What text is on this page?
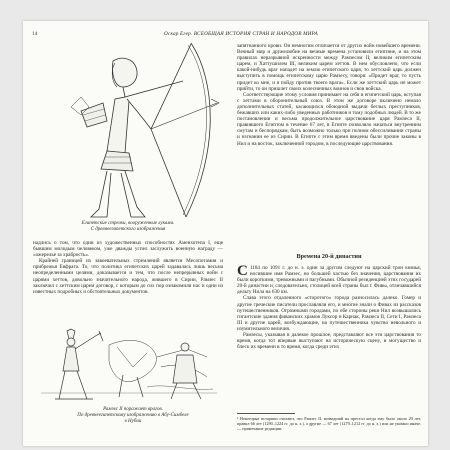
14	Оскар Егер. ВСЕОБЩАЯ ИСТОРИЯ СТРАН И НАРОДОВ МИРА
Египетские стрелки, вооруженные луками.
С древнеегипетского изображения

надлись о том, что один из художественных способностях Аменхотепа I, еще бывшим молодым человеком, уже дважды успел заслужить военную награду — «ожерелье за храбрость».

Крайней границей их завоевательных стремлений является Месопотамия и прибрежья Евфрата. То, что политика египетских царей задавалась лишь весьма неопределенными целями, доказывается и тем, что после непрерывных войн с царями хеттов, довольно значительного народа, жившего в Сирии, Рамзес II заключил с хеттским царем договор, с которым до сих пор ознакомили нас и одни из известных подробных и обстоятельных документов.

Рамзес II поражает врагов.
По древнеегипетскому изображению в Абу-Симбеле
в Нубии

запятнанного крови. Он немногим отличается от других войн новейшего времени. Вечный мир и дружелюбие на вечные времена установили египтяне, и на этом правилах неразрывной искренности между Рамзесом II, великим египетским царем, и Хаттушилем III, великим царем хеттов. В нем обусловлено, что если какой-нибудь враг нападет на землю египетского царя, то хеттский царь должен выступить в помощь египетскому царю Рамзесу, говоря: «Придет враг, то пусть придет ко мне, и я пойду против твоего врага». Если же хеттский царь не может прийти, то он пришлет своих колесничных воинов и свои войска.

Соответствующие этому условия принимает на себя и египетский царь, вступая с хеттами в оборонительный союз. В этом же договоре включено немало дополнительных статей, касающихся обоюдной выдачи беглых преступников, бежавших или каких-либо уведенных работников и тому подобных людей. В то же постановлении и весьма продолжительное царствование царя Рамзеса II, правившего Египтом в течение 67 лет, в Египте позволяло начаться внутренним смутам и беспорядкам, быть возможно только при полном обессиливании страны и изгнании ее из Сирии. В Египте с этим время введены были прочие законы в Нил и на восток, заключенной городом, в последующие царствования.

Времена 20-й династии

С 1184 по 1091 г. до н. э. один за другим следуют на царский трон князья, носившие имя Рамзес, но большей частью без значения, царствования их были короткими, тревожными и пагубными. Обычной резиденцией этих государей 20-й династии и, следовательно, столицей всей страны был г. Фивы, отличавшийся дельту Нила на 630 км.

Слава этого отдаленного «сторотого» города разносилась далеко. Гомер и другие греческие писатели прославляли его, и многие знали о Фивах из рассказов путешественников. Огромными городами, по обе стороны реки Нил возвышались гигантские здания фиванских храмов Луксор и Карнак, Рамзеса II, Сети I, Рамзеса III и другие царей, возбуждающие, на путешественника чувство невольного и изумительного величия.

Рамзесы, указывая в далекое прошлое, представляют все эти царствования то время, когда тот впервые выступают на историческую сцену, и могущество и блеск их времени в то время, когда среди этих

¹ Некоторые историки считают, что Рамзес II, возведший на престол когда ему было около 20 лет, правил 66 лет (1290–1224 гг. до н. э.), а другие — 67 лет (1279–1212 гг. до н. э.) или не указано иначе. — примечание редакции.
